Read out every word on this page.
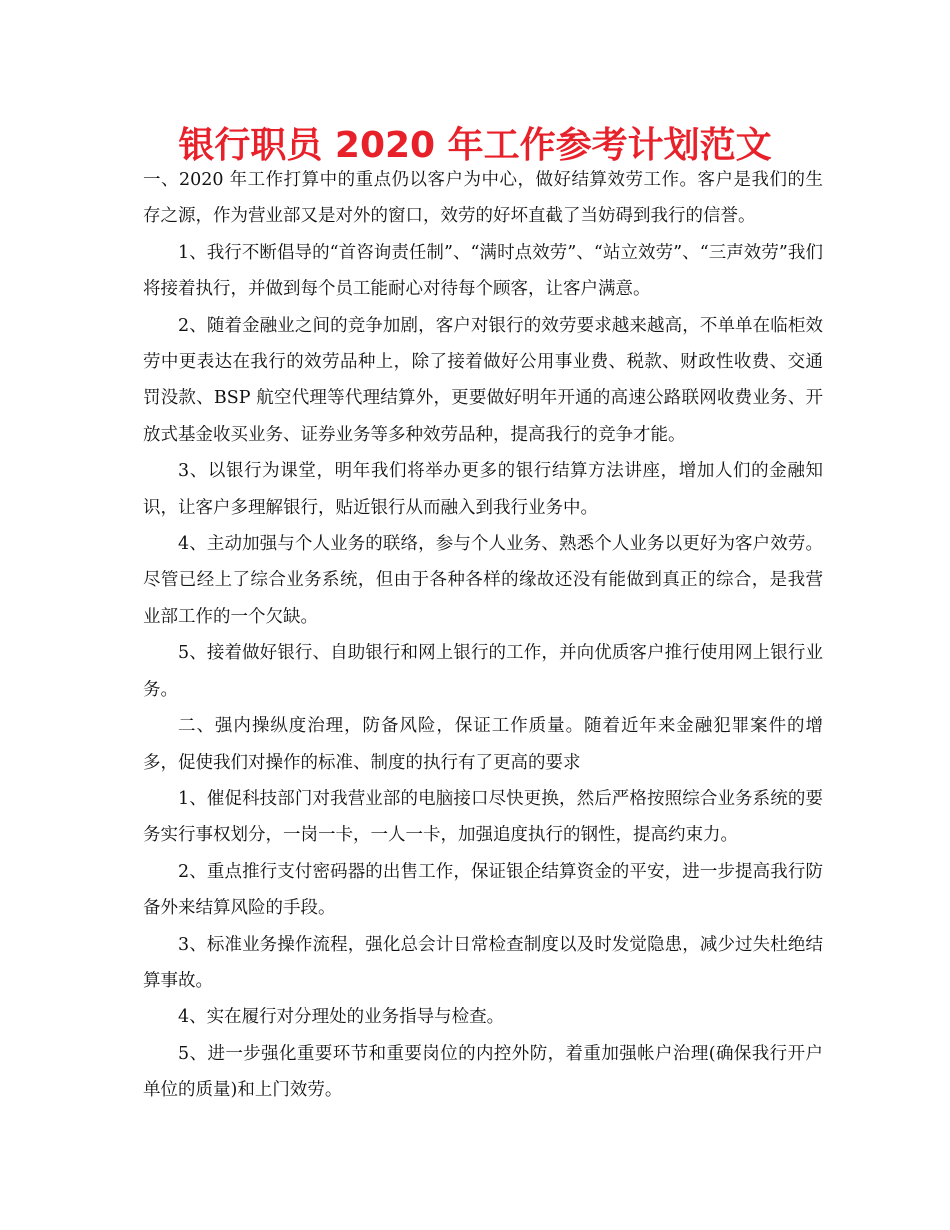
银行职员 2020 年工作参考计划范文

一、2020 年工作打算中的重点仍以客户为中心，做好结算效劳工作。客户是我们的生存之源，作为营业部又是对外的窗口，效劳的好坏直截了当妨碍到我行的信誉。

1、我行不断倡导的“首咨询责任制”、“满时点效劳”、“站立效劳”、“三声效劳”我们将接着执行，并做到每个员工能耐心对待每个顾客，让客户满意。

2、随着金融业之间的竞争加剧，客户对银行的效劳要求越来越高，不单单在临柜效劳中更表达在我行的效劳品种上，除了接着做好公用事业费、税款、财政性收费、交通罚没款、BSP 航空代理等代理结算外，更要做好明年开通的高速公路联网收费业务、开放式基金收买业务、证券业务等多种效劳品种，提高我行的竞争才能。

3、以银行为课堂，明年我们将举办更多的银行结算方法讲座，增加人们的金融知识，让客户多理解银行，贴近银行从而融入到我行业务中。

4、主动加强与个人业务的联络，参与个人业务、熟悉个人业务以更好为客户效劳。尽管已经上了综合业务系统，但由于各种各样的缘故还没有能做到真正的综合，是我营业部工作的一个欠缺。

5、接着做好银行、自助银行和网上银行的工作，并向优质客户推行使用网上银行业务。

二、强内操纵度治理，防备风险，保证工作质量。随着近年来金融犯罪案件的增多，促使我们对操作的标准、制度的执行有了更高的要求

1、催促科技部门对我营业部的电脑接口尽快更换，然后严格按照综合业务系统的要务实行事权划分，一岗一卡，一人一卡，加强追度执行的钢性，提高约束力。

2、重点推行支付密码器的出售工作，保证银企结算资金的平安，进一步提高我行防备外来结算风险的手段。

3、标准业务操作流程，强化总会计日常检查制度以及时发觉隐患，减少过失杜绝结算事故。

4、实在履行对分理处的业务指导与检查。

5、进一步强化重要环节和重要岗位的内控外防，着重加强帐户治理(确保我行开户单位的质量)和上门效劳。
